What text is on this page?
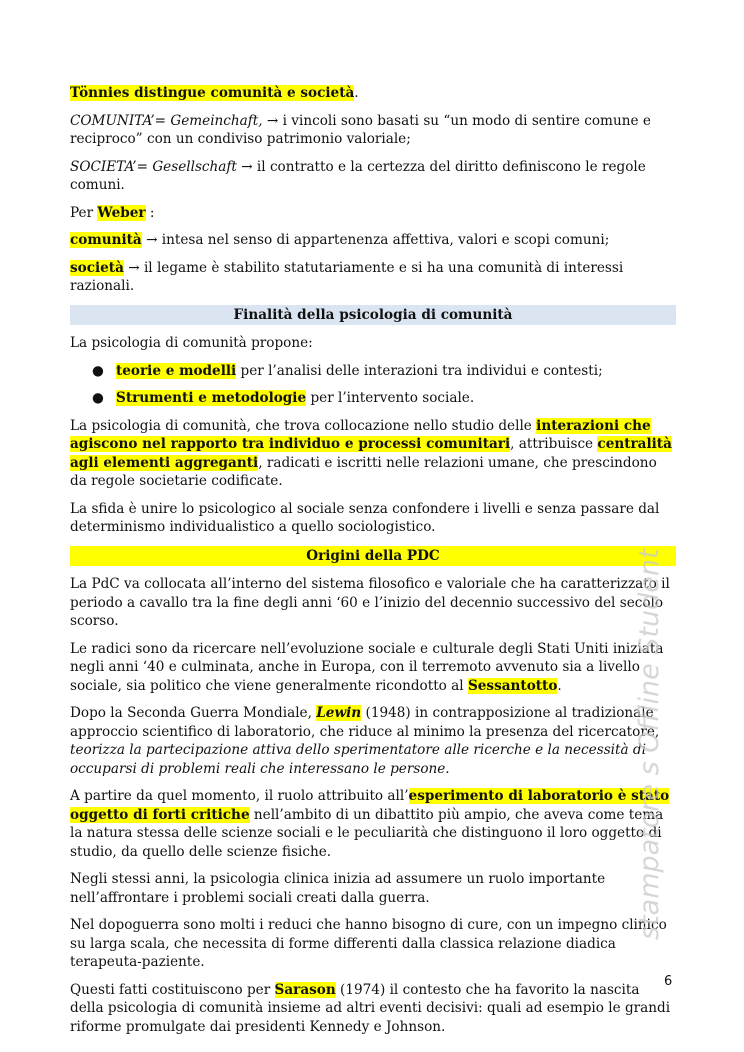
Tönnies distingue comunità e società.

COMUNITA’= Gemeinchaft, → i vincoli sono basati su “un modo di sentire comune e reciproco” con un condiviso patrimonio valoriale;

SOCIETA’= Gesellschaft → il contratto e la certezza del diritto definiscono le regole comuni.

Per Weber :

comunità → intesa nel senso di appartenenza affettiva, valori e scopi comuni;

società → il legame è stabilito statutariamente e si ha una comunità di interessi razionali.

Finalità della psicologia di comunità

La psicologia di comunità propone:

● teorie e modelli per l’analisi delle interazioni tra individui e contesti;
● Strumenti e metodologie per l’intervento sociale.

La psicologia di comunità, che trova collocazione nello studio delle interazioni che agiscono nel rapporto tra individuo e processi comunitari, attribuisce centralità agli elementi aggreganti, radicati e iscritti nelle relazioni umane, che prescindono da regole societarie codificate.

La sfida è unire lo psicologico al sociale senza confondere i livelli e senza passare dal determinismo individualistico a quello sociologistico.

Origini della PDC

La PdC va collocata all’interno del sistema filosofico e valoriale che ha caratterizzato il periodo a cavallo tra la fine degli anni ‘60 e l’inizio del decennio successivo del secolo scorso.

Le radici sono da ricercare nell’evoluzione sociale e culturale degli Stati Uniti iniziata negli anni ‘40 e culminata, anche in Europa, con il terremoto avvenuto sia a livello sociale, sia politico che viene generalmente ricondotto al Sessantotto.

Dopo la Seconda Guerra Mondiale, Lewin (1948) in contrapposizione al tradizionale approccio scientifico di laboratorio, che riduce al minimo la presenza del ricercatore, teorizza la partecipazione attiva dello sperimentatore alle ricerche e la necessità di occuparsi di problemi reali che interessano le persone.

A partire da quel momento, il ruolo attribuito all’esperimento di laboratorio è stato oggetto di forti critiche nell’ambito di un dibattito più ampio, che aveva come tema la natura stessa delle scienze sociali e le peculiarità che distinguono il loro oggetto di studio, da quello delle scienze fisiche.

Negli stessi anni, la psicologia clinica inizia ad assumere un ruolo importante nell’affrontare i problemi sociali creati dalla guerra.

Nel dopoguerra sono molti i reduci che hanno bisogno di cure, con un impegno clinico su larga scala, che necessita di forme differenti dalla classica relazione diadica terapeuta-paziente.

Questi fatti costituiscono per Sarason (1974) il contesto che ha favorito la nascita della psicologia di comunità insieme ad altri eventi decisivi: quali ad esempio le grandi riforme promulgate dai presidenti Kennedy e Johnson.

stampatore s Offline Student
6
